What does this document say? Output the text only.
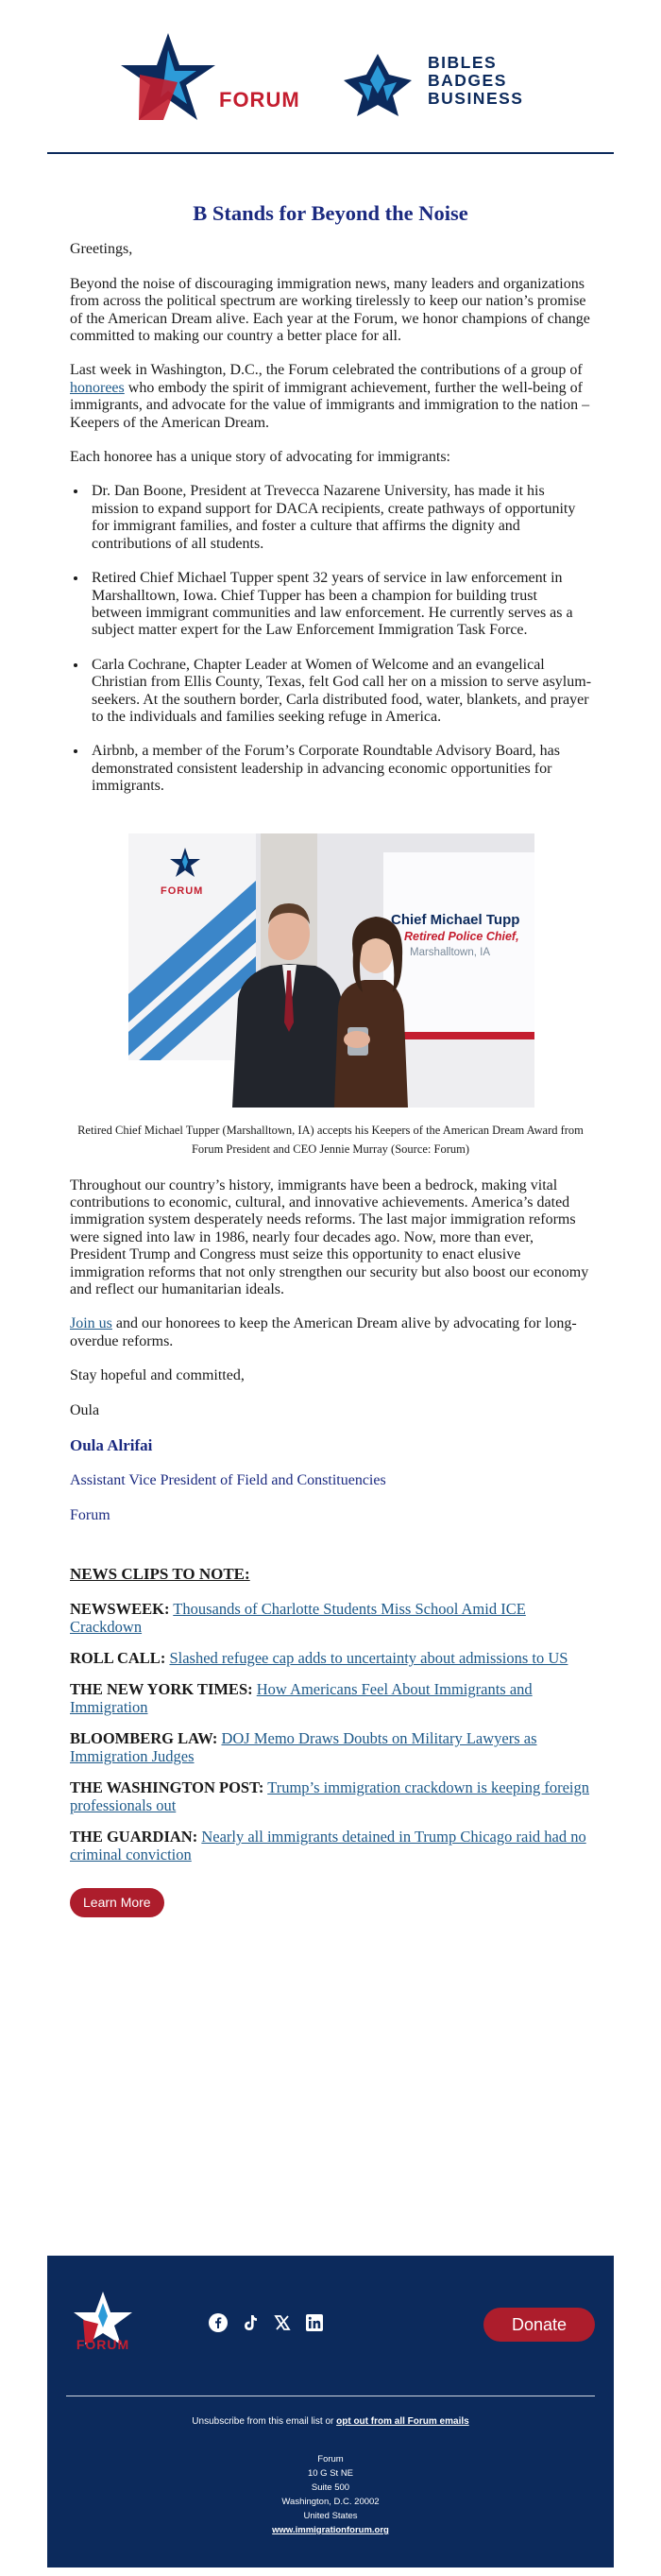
FORUM
BIBLES
BADGES
BUSINESS
B Stands for Beyond the Noise

Greetings,

Beyond the noise of discouraging immigration news, many leaders and organizations from across the political spectrum are working tirelessly to keep our nation’s promise of the American Dream alive. Each year at the Forum, we honor champions of change committed to making our country a better place for all.

Last week in Washington, D.C., the Forum celebrated the contributions of a group of honorees who embody the spirit of immigrant achievement, further the well-being of immigrants, and advocate for the value of immigrants and immigration to the nation – Keepers of the American Dream.

Each honoree has a unique story of advocating for immigrants:

• Dr. Dan Boone, President at Trevecca Nazarene University, has made it his mission to expand support for DACA recipients, create pathways of opportunity for immigrant families, and foster a culture that affirms the dignity and contributions of all students.
• Retired Chief Michael Tupper spent 32 years of service in law enforcement in Marshalltown, Iowa. Chief Tupper has been a champion for building trust between immigrant communities and law enforcement. He currently serves as a subject matter expert for the Law Enforcement Immigration Task Force.
• Carla Cochrane, Chapter Leader at Women of Welcome and an evangelical Christian from Ellis County, Texas, felt God call her on a mission to serve asylum-seekers. At the southern border, Carla distributed food, water, blankets, and prayer to the individuals and families seeking refuge in America.
• Airbnb, a member of the Forum’s Corporate Roundtable Advisory Board, has demonstrated consistent leadership in advancing economic opportunities for immigrants.
FORUM
Chief Michael Tupp
Retired Police Chief,
Marshalltown, IA
Retired Chief Michael Tupper (Marshalltown, IA) accepts his Keepers of the American Dream Award from Forum President and CEO Jennie Murray (Source: Forum)

Throughout our country’s history, immigrants have been a bedrock, making vital contributions to economic, cultural, and innovative achievements. America’s dated immigration system desperately needs reforms. The last major immigration reforms were signed into law in 1986, nearly four decades ago. Now, more than ever, President Trump and Congress must seize this opportunity to enact elusive immigration reforms that not only strengthen our security but also boost our economy and reflect our humanitarian ideals.

Join us and our honorees to keep the American Dream alive by advocating for long-overdue reforms.

Stay hopeful and committed,

Oula

Oula Alrifai

Assistant Vice President of Field and Constituencies

Forum

NEWS CLIPS TO NOTE:
NEWSWEEK: Thousands of Charlotte Students Miss School Amid ICE Crackdown
ROLL CALL: Slashed refugee cap adds to uncertainty about admissions to US
THE NEW YORK TIMES: How Americans Feel About Immigrants and Immigration
BLOOMBERG LAW: DOJ Memo Draws Doubts on Military Lawyers as Immigration Judges
THE WASHINGTON POST: Trump’s immigration crackdown is keeping foreign professionals out
THE GUARDIAN: Nearly all immigrants detained in Trump Chicago raid had no criminal conviction
Learn More
FORUM
Donate
Unsubscribe from this email list or opt out from all Forum emails
Forum
10 G St NE
Suite 500
Washington, D.C. 20002
United States
www.immigrationforum.org
